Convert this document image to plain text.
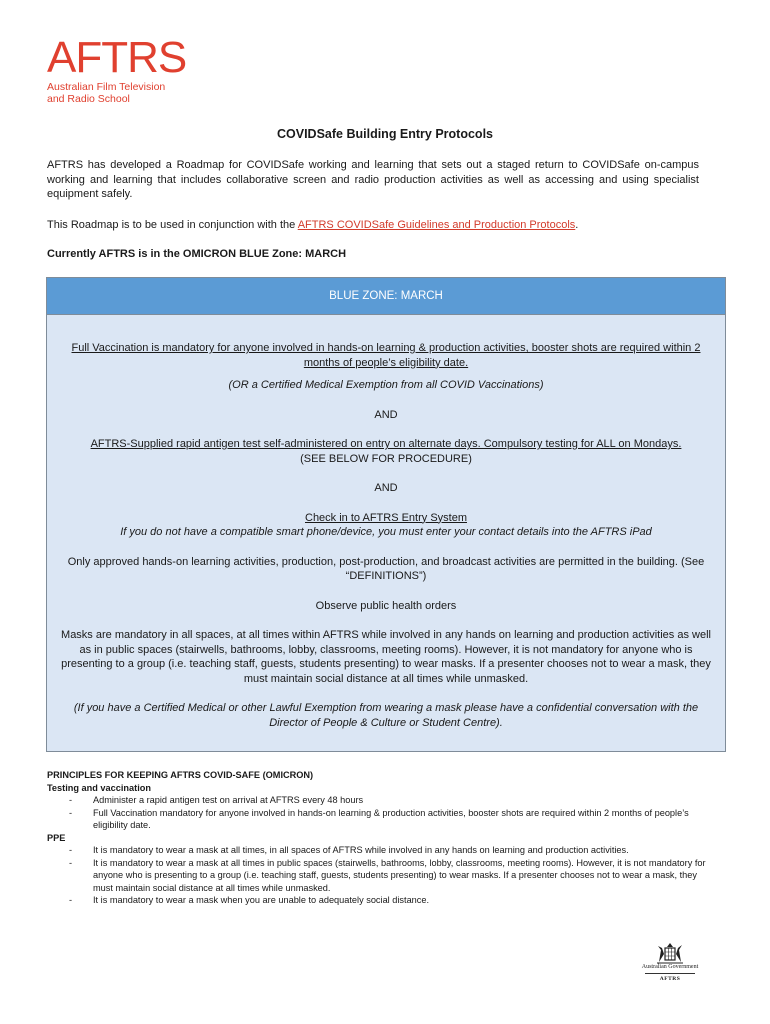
AFTRS
Australian Film Television
and Radio School
COVIDSafe Building Entry Protocols
AFTRS has developed a Roadmap for COVIDSafe working and learning that sets out a staged return to COVIDSafe on-campus working and learning that includes collaborative screen and radio production activities as well as accessing and using specialist equipment safely.
This Roadmap is to be used in conjunction with the AFTRS COVIDSafe Guidelines and Production Protocols.
Currently AFTRS is in the OMICRON BLUE Zone: MARCH
BLUE ZONE: MARCH

Full Vaccination is mandatory for anyone involved in hands-on learning & production activities, booster shots are required within 2 months of people’s eligibility date.

(OR a Certified Medical Exemption from all COVID Vaccinations)

AND

AFTRS-Supplied rapid antigen test self-administered on entry on alternate days. Compulsory testing for ALL on Mondays.

(SEE BELOW FOR PROCEDURE)

AND

Check in to AFTRS Entry System

If you do not have a compatible smart phone/device, you must enter your contact details into the AFTRS iPad

Only approved hands-on learning activities, production, post-production, and broadcast activities are permitted in the building. (See “DEFINITIONS”)

Observe public health orders

Masks are mandatory in all spaces, at all times within AFTRS while involved in any hands on learning and production activities as well as in public spaces (stairwells, bathrooms, lobby, classrooms, meeting rooms). However, it is not mandatory for anyone who is presenting to a group (i.e. teaching staff, guests, students presenting) to wear masks. If a presenter chooses not to wear a mask, they must maintain social distance at all times while unmasked.

(If you have a Certified Medical or other Lawful Exemption from wearing a mask please have a confidential conversation with the Director of People & Culture or Student Centre).

PRINCIPLES FOR KEEPING AFTRS COVID-SAFE (OMICRON)
Testing and vaccination
- Administer a rapid antigen test on arrival at AFTRS every 48 hours
- Full Vaccination mandatory for anyone involved in hands-on learning & production activities, booster shots are required within 2 months of people’s eligibility date.
PPE
- It is mandatory to wear a mask at all times, in all spaces of AFTRS while involved in any hands on learning and production activities.
- It is mandatory to wear a mask at all times in public spaces (stairwells, bathrooms, lobby, classrooms, meeting rooms). However, it is not mandatory for anyone who is presenting to a group (i.e. teaching staff, guests, students presenting) to wear masks. If a presenter chooses not to wear a mask, they must maintain social distance at all times while unmasked.
- It is mandatory to wear a mask when you are unable to adequately social distance.
Australian Government
AFTRS
